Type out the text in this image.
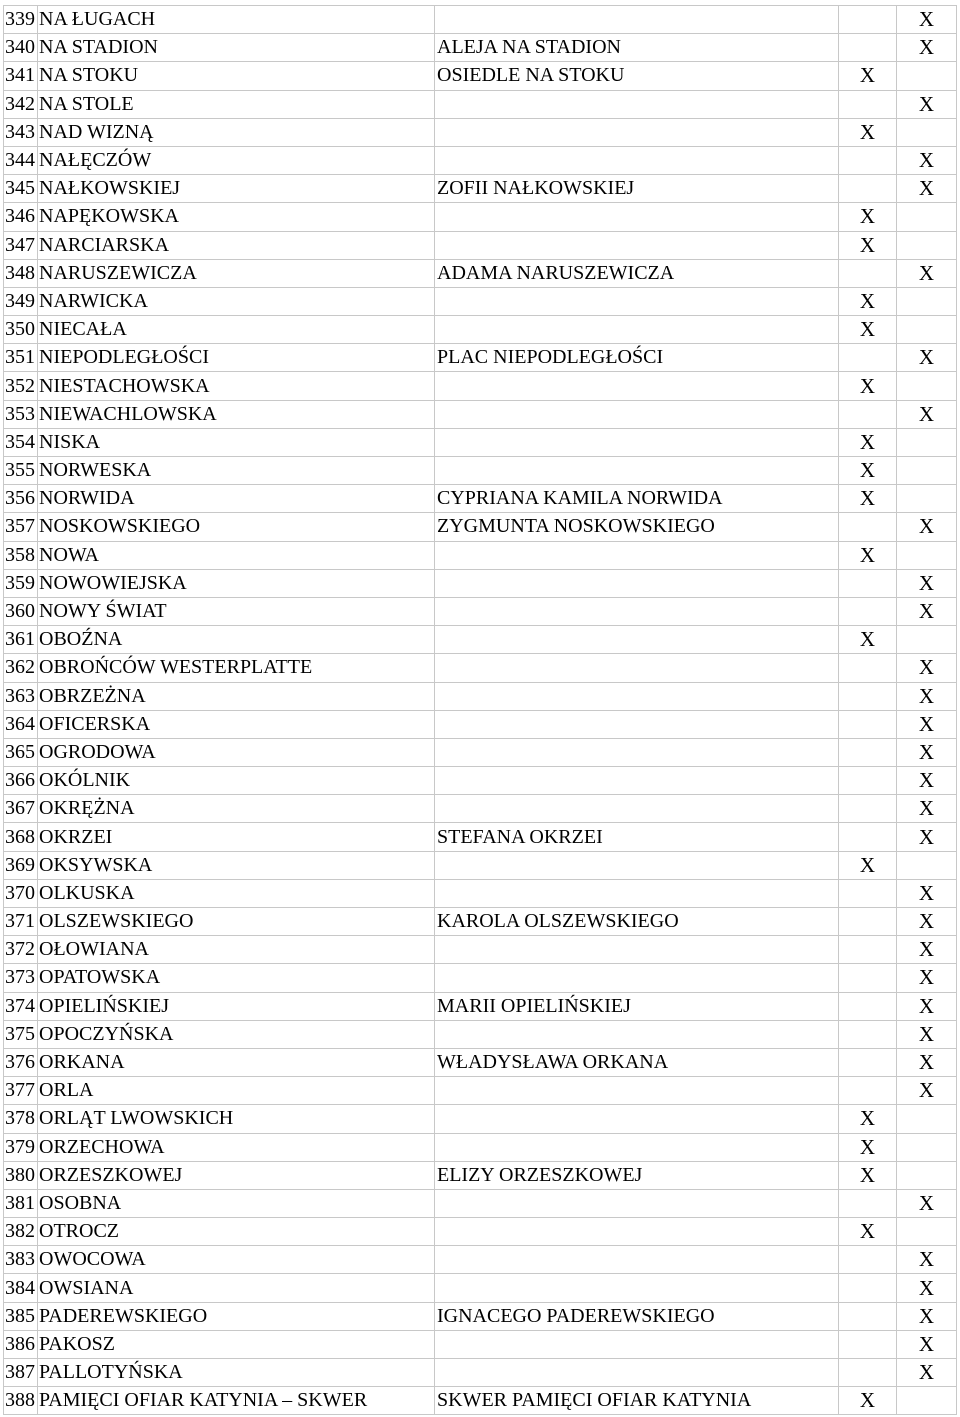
339	NA ŁUGACH			X
340	NA STADION	ALEJA NA STADION		X
341	NA STOKU	OSIEDLE NA STOKU	X	
342	NA STOLE			X
343	NAD WIZNĄ		X	
344	NAŁĘCZÓW			X
345	NAŁKOWSKIEJ	ZOFII NAŁKOWSKIEJ		X
346	NAPĘKOWSKA		X	
347	NARCIARSKA		X	
348	NARUSZEWICZA	ADAMA NARUSZEWICZA		X
349	NARWICKA		X	
350	NIECAŁA		X	
351	NIEPODLEGŁOŚCI	PLAC NIEPODLEGŁOŚCI		X
352	NIESTACHOWSKA		X	
353	NIEWACHLOWSKA			X
354	NISKA		X	
355	NORWESKA		X	
356	NORWIDA	CYPRIANA KAMILA NORWIDA	X	
357	NOSKOWSKIEGO	ZYGMUNTA NOSKOWSKIEGO		X
358	NOWA		X	
359	NOWOWIEJSKA			X
360	NOWY ŚWIAT			X
361	OBOŹNA		X	
362	OBROŃCÓW WESTERPLATTE			X
363	OBRZEŻNA			X
364	OFICERSKA			X
365	OGRODOWA			X
366	OKÓLNIK			X
367	OKRĘŻNA			X
368	OKRZEI	STEFANA OKRZEI		X
369	OKSYWSKA		X	
370	OLKUSKA			X
371	OLSZEWSKIEGO	KAROLA OLSZEWSKIEGO		X
372	OŁOWIANA			X
373	OPATOWSKA			X
374	OPIELIŃSKIEJ	MARII OPIELIŃSKIEJ		X
375	OPOCZYŃSKA			X
376	ORKANA	WŁADYSŁAWA ORKANA		X
377	ORLA			X
378	ORLĄT LWOWSKICH		X	
379	ORZECHOWA		X	
380	ORZESZKOWEJ	ELIZY ORZESZKOWEJ	X	
381	OSOBNA			X
382	OTROCZ		X	
383	OWOCOWA			X
384	OWSIANA			X
385	PADEREWSKIEGO	IGNACEGO PADEREWSKIEGO		X
386	PAKOSZ			X
387	PALLOTYŃSKA			X
388	PAMIĘCI OFIAR KATYNIA – SKWER	SKWER PAMIĘCI OFIAR KATYNIA	X	
